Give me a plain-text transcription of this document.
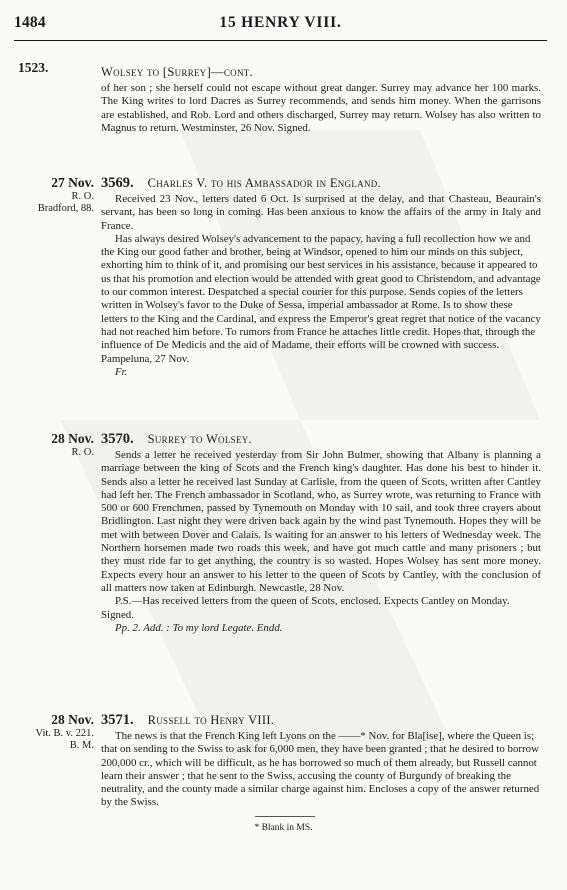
1484	15 HENRY VIII.
1523.	Wolsey to [Surrey]—cont.

of her son ; she herself could not escape without great danger. Surrey may advance her 100 marks. The King writes to lord Dacres as Surrey recommends, and sends him money. When the garrisons are established, and Rob. Lord and others discharged, Surrey may return. Wolsey has also written to Magnus to return. Westminster, 26 Nov. Signed.

27 Nov.
R. O.
Bradford, 88.
3569. Charles V. to his Ambassador in England.

Received 23 Nov., letters dated 6 Oct. Is surprised at the delay, and that Chasteau, Beaurain's servant, has been so long in coming. Has been anxious to know the affairs of the army in Italy and France.

Has always desired Wolsey's advancement to the papacy, having a full recollection how we and the King our good father and brother, being at Windsor, opened to him our minds on this subject, exhorting him to think of it, and promising our best services in his assistance, because it appeared to us that his promotion and election would be attended with great good to Christendom, and advantage to our common interest. Despatched a special courier for this purpose. Sends copies of the letters written in Wolsey's favor to the Duke of Sessa, imperial ambassador at Rome. Is to show these letters to the King and the Cardinal, and express the Emperor's great regret that notice of the vacancy had not reached him before. To rumors from France he attaches little credit. Hopes that, through the influence of De Medicis and the aid of Madame, their efforts will be crowned with success. Pampeluna, 27 Nov.

Fr.

28 Nov.
R. O.
3570. Surrey to Wolsey.

Sends a letter he received yesterday from Sir John Bulmer, showing that Albany is planning a marriage between the king of Scots and the French king's daughter. Has done his best to hinder it. Sends also a letter he received last Sunday at Carlisle, from the queen of Scots, written after Cantley had left her. The French ambassador in Scotland, who, as Surrey wrote, was returning to France with 500 or 600 Frenchmen, passed by Tynemouth on Monday with 10 sail, and took three crayers about Bridlington. Last night they were driven back again by the wind past Tynemouth. Hopes they will be met with between Dover and Calais. Is waiting for an answer to his letters of Wednesday week. The Northern horsemen made two roads this week, and have got much cattle and many prisoners ; but they must ride far to get anything, the country is so wasted. Hopes Wolsey has sent more money. Expects every hour an answer to his letter to the queen of Scots by Cantley, with the conclusion of all matters now taken at Edinburgh. Newcastle, 28 Nov.

P.S.—Has received letters from the queen of Scots, enclosed. Expects Cantley on Monday. Signed.

Pp. 2. Add. : To my lord Legate. Endd.

28 Nov.
Vit. B. v. 221.
B. M.
3571. Russell to Henry VIII.

The news is that the French King left Lyons on the ——* Nov. for Bla[ise], where the Queen is; that on sending to the Swiss to ask for 6,000 men, they have been granted ; that he desired to borrow 200,000 cr., which will be difficult, as he has borrowed so much of them already, but Russell cannot learn their answer ; that he sent to the Swiss, accusing the county of Burgundy of breaking the neutrality, and the county made a similar charge against him. Encloses a copy of the answer returned by the Swiss.

* Blank in MS.
